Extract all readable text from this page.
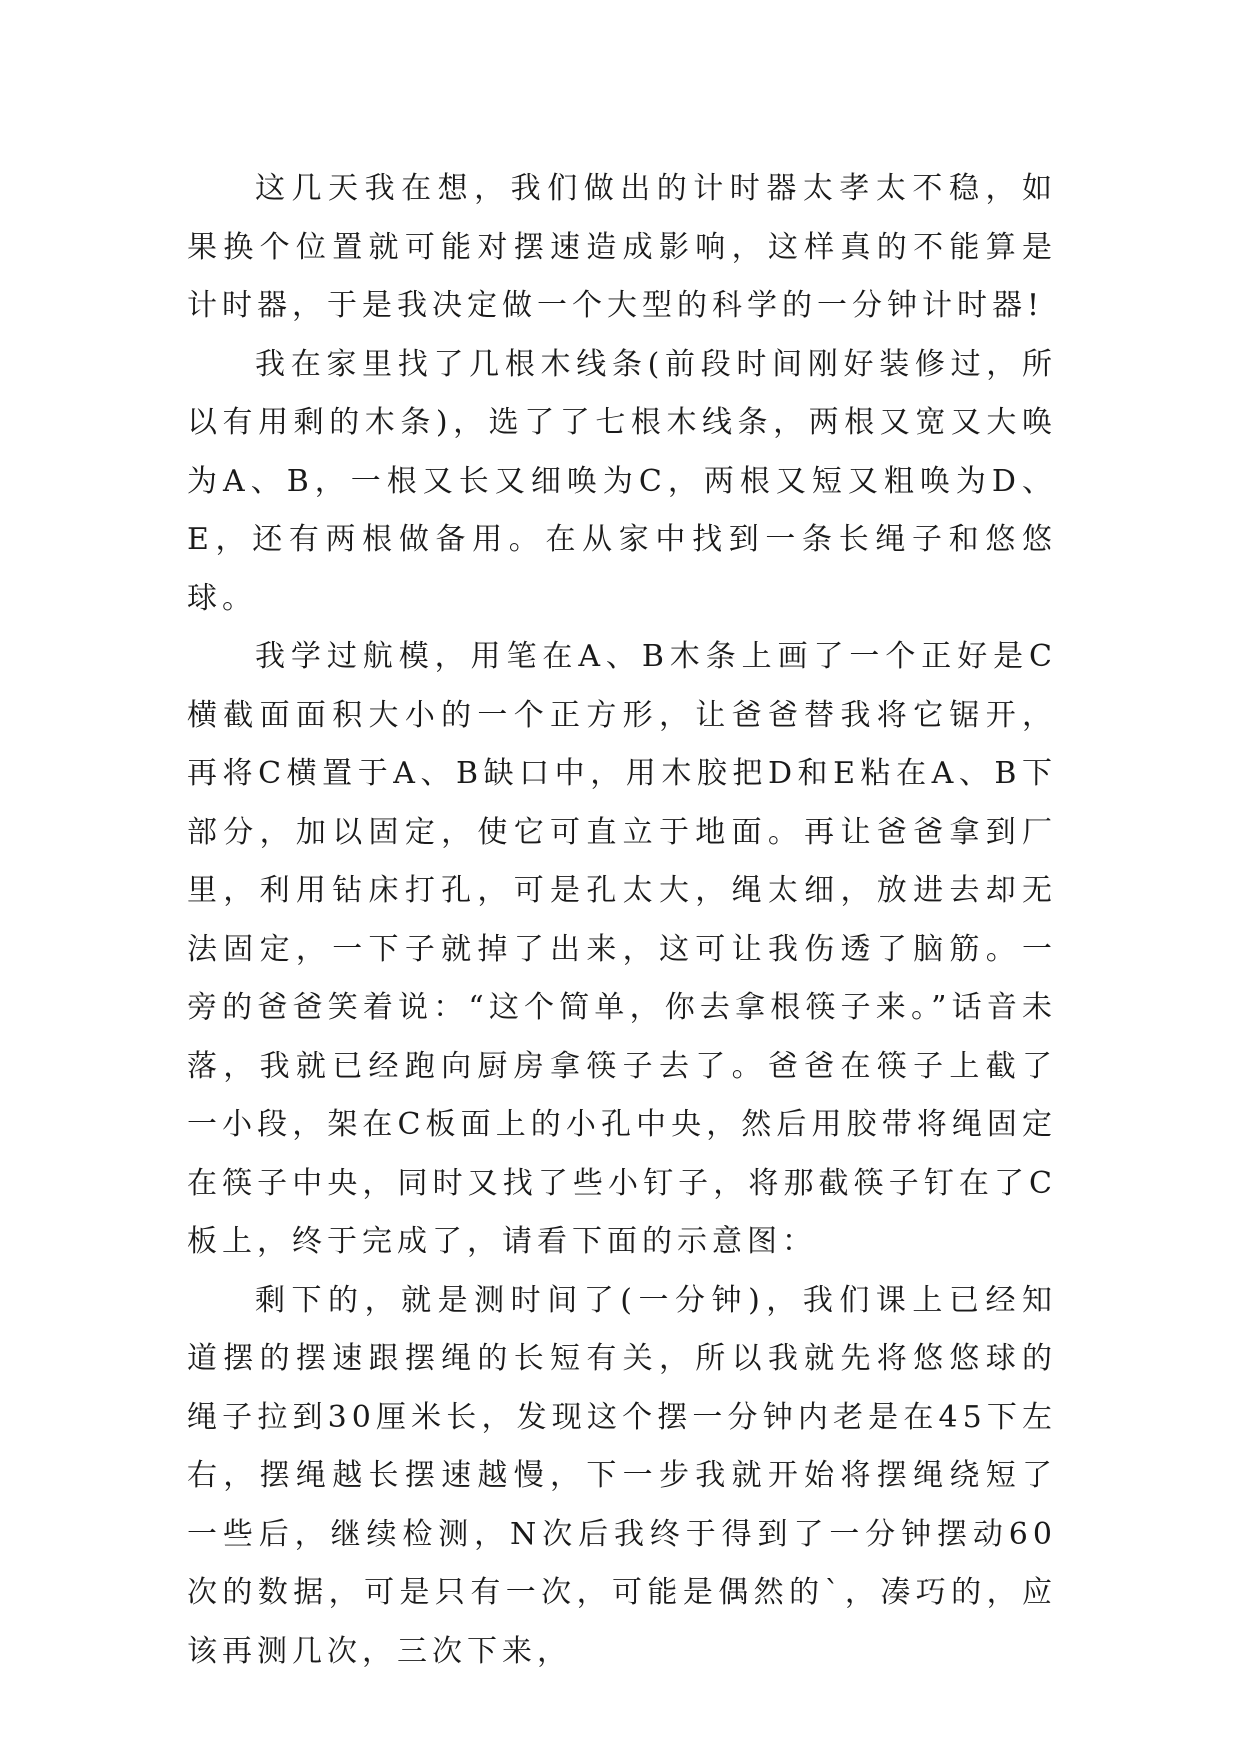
这几天我在想，我们做出的计时器太孝太不稳，如果换个位置就可能对摆速造成影响，这样真的不能算是计时器，于是我决定做一个大型的科学的一分钟计时器!

我在家里找了几根木线条(前段时间刚好装修过，所以有用剩的木条)，选了了七根木线条，两根又宽又大唤为A、B，一根又长又细唤为C，两根又短又粗唤为D、E，还有两根做备用。在从家中找到一条长绳子和悠悠球。

我学过航模，用笔在A、B木条上画了一个正好是C横截面面积大小的一个正方形，让爸爸替我将它锯开，再将C横置于A、B缺口中，用木胶把D和E粘在A、B下部分，加以固定，使它可直立于地面。再让爸爸拿到厂里，利用钻床打孔，可是孔太大，绳太细，放进去却无法固定，一下子就掉了出来，这可让我伤透了脑筋。一旁的爸爸笑着说：“这个简单，你去拿根筷子来。”话音未落，我就已经跑向厨房拿筷子去了。爸爸在筷子上截了一小段，架在C板面上的小孔中央，然后用胶带将绳固定在筷子中央，同时又找了些小钉子，将那截筷子钉在了C板上，终于完成了，请看下面的示意图：

剩下的，就是测时间了(一分钟)，我们课上已经知道摆的摆速跟摆绳的长短有关，所以我就先将悠悠球的绳子拉到30厘米长，发现这个摆一分钟内老是在45下左右，摆绳越长摆速越慢，下一步我就开始将摆绳绕短了一些后，继续检测，N次后我终于得到了一分钟摆动60次的数据，可是只有一次，可能是偶然的`，凑巧的，应该再测几次，三次下来，
